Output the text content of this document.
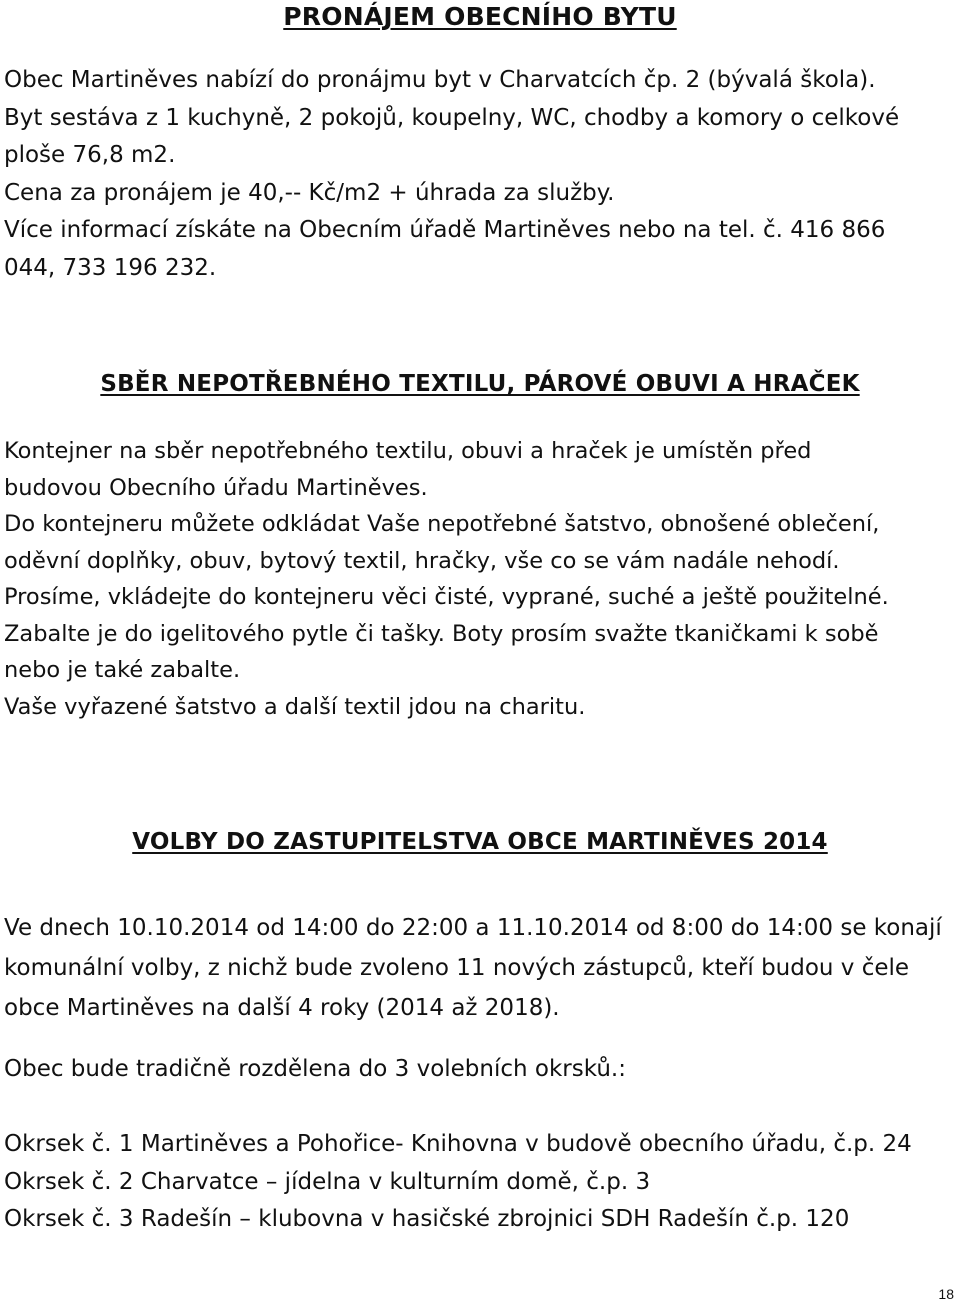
PRONÁJEM OBECNÍHO BYTU
Obec Martiněves nabízí do pronájmu byt v Charvatcích čp. 2 (bývalá škola).
Byt sestáva z 1 kuchyně, 2 pokojů, koupelny, WC, chodby a komory o celkové
ploše 76,8 m2.
Cena za pronájem je 40,-- Kč/m2 + úhrada za služby.
Více informací získáte na Obecním úřadě Martiněves nebo na tel. č. 416 866
044, 733 196 232.
SBĚR NEPOTŘEBNÉHO TEXTILU, PÁROVÉ OBUVI A HRAČEK
Kontejner na sběr nepotřebného textilu, obuvi a hraček je umístěn před
budovou Obecního úřadu Martiněves.
Do kontejneru můžete odkládat Vaše nepotřebné šatstvo, obnošené oblečení,
oděvní doplňky, obuv, bytový textil, hračky, vše co se vám nadále nehodí.
Prosíme, vkládejte do kontejneru věci čisté, vyprané, suché a ještě použitelné.
Zabalte je do igelitového pytle či tašky. Boty prosím svažte tkaničkami k sobě
nebo je také zabalte.
Vaše vyřazené šatstvo a další textil jdou na charitu.
VOLBY DO ZASTUPITELSTVA OBCE MARTINĚVES 2014
Ve dnech 10.10.2014 od 14:00 do 22:00 a 11.10.2014 od 8:00 do 14:00 se konají
komunální volby, z nichž bude zvoleno 11 nových zástupců, kteří budou v čele
obce Martiněves na další 4 roky (2014 až 2018).
Obec bude tradičně rozdělena do 3 volebních okrsků.:
Okrsek č. 1 Martiněves a Pohořice- Knihovna v budově obecního úřadu, č.p. 24
Okrsek č. 2 Charvatce – jídelna v kulturním domě, č.p. 3
Okrsek č. 3 Radešín – klubovna v hasičské zbrojnici SDH Radešín č.p. 120
18
